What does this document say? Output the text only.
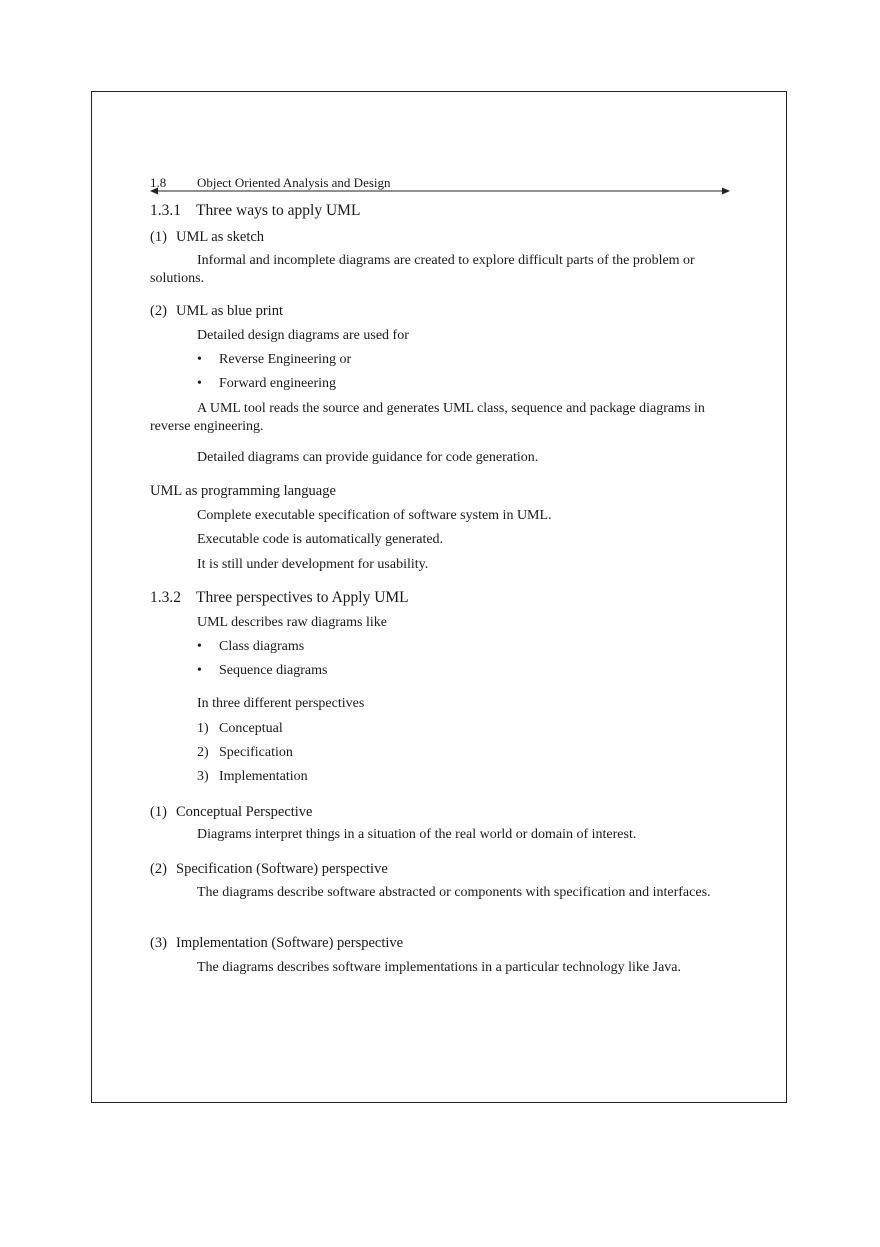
1.8 Object Oriented Analysis and Design
1.3.1 Three ways to apply UML
(1) UML as sketch
Informal and incomplete diagrams are created to explore difficult parts of the problem or solutions.
(2) UML as blue print
Detailed design diagrams are used for
• Reverse Engineering or
• Forward engineering
A UML tool reads the source and generates UML class, sequence and package diagrams in reverse engineering.
Detailed diagrams can provide guidance for code generation.
UML as programming language
Complete executable specification of software system in UML.
Executable code is automatically generated.
It is still under development for usability.
1.3.2 Three perspectives to Apply UML
UML describes raw diagrams like
• Class diagrams
• Sequence diagrams
In three different perspectives
1) Conceptual
2) Specification
3) Implementation
(1) Conceptual Perspective
Diagrams interpret things in a situation of the real world or domain of interest.
(2) Specification (Software) perspective
The diagrams describe software abstracted or components with specification and interfaces.
(3) Implementation (Software) perspective
The diagrams describes software implementations in a particular technology like Java.
